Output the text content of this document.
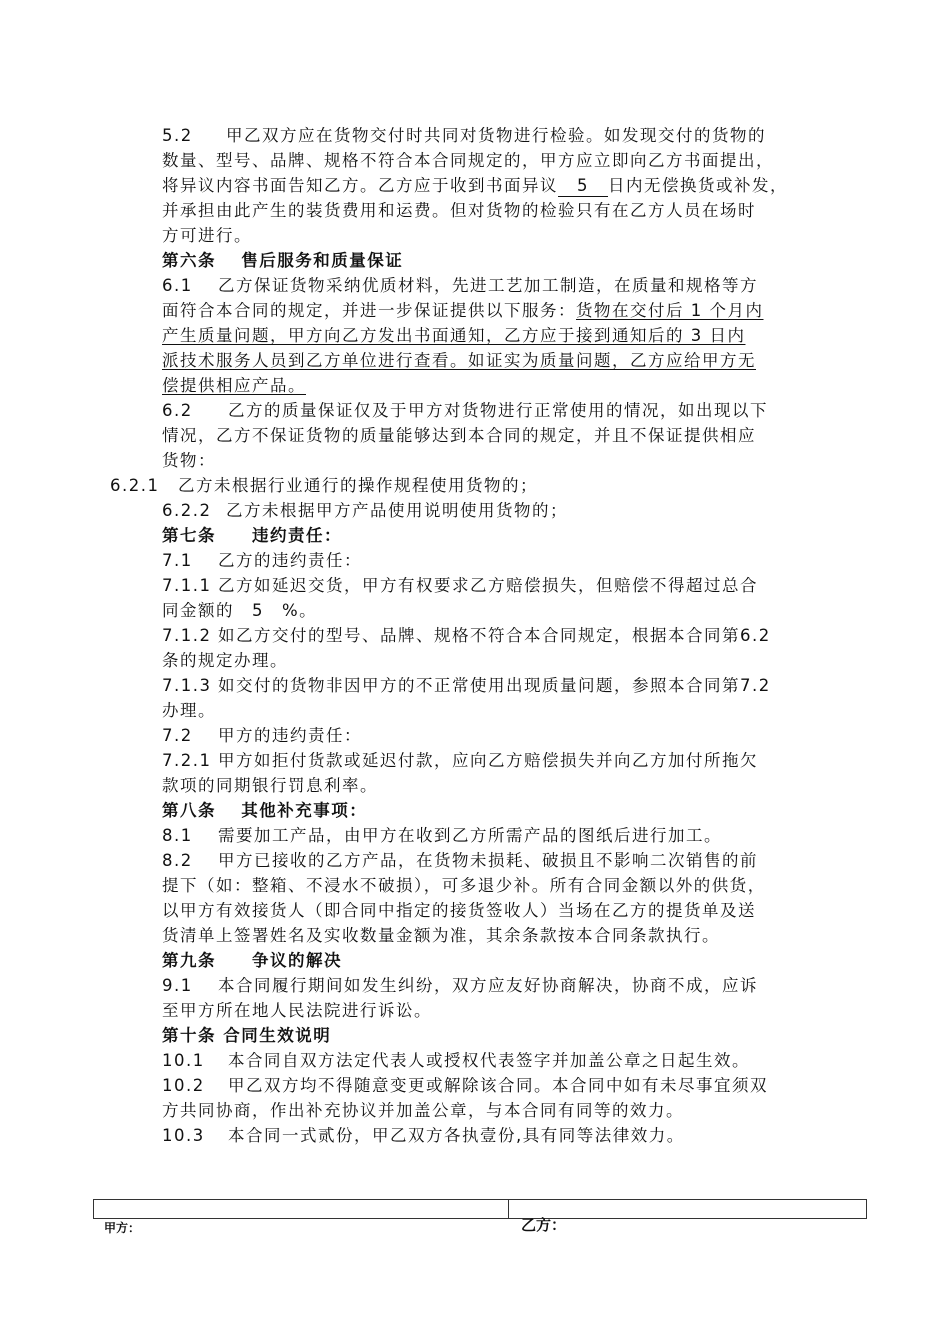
5.2 甲乙双方应在货物交付时共同对货物进行检验。如发现交付的货物的
数量、型号、品牌、规格不符合本合同规定的，甲方应立即向乙方书面提出，
将异议内容书面告知乙方。乙方应于收到书面异议 5 日内无偿换货或补发，
并承担由此产生的装货费用和运费。但对货物的检验只有在乙方人员在场时
方可进行。
第六条　 售后服务和质量保证
6.1 乙方保证货物采纳优质材料，先进工艺加工制造，在质量和规格等方
面符合本合同的规定，并进一步保证提供以下服务：货物在交付后 1 个月内
产生质量问题，甲方向乙方发出书面通知，乙方应于接到通知后的 3 日内
派技术服务人员到乙方单位进行查看。如证实为质量问题，乙方应给甲方无
偿提供相应产品。
6.2 乙方的质量保证仅及于甲方对货物进行正常使用的情况，如出现以下
情况，乙方不保证货物的质量能够达到本合同的规定，并且不保证提供相应
货物：
6.2.1 乙方未根据行业通行的操作规程使用货物的；
6.2.2 乙方未根据甲方产品使用说明使用货物的；
第七条　　违约责任：
7.1 乙方的违约责任：
7.1.1 乙方如延迟交货，甲方有权要求乙方赔偿损失，但赔偿不得超过总合
同金额的　5　%。
7.1.2 如乙方交付的型号、品牌、规格不符合本合同规定，根据本合同第6.2
条的规定办理。
7.1.3 如交付的货物非因甲方的不正常使用出现质量问题，参照本合同第7.2
办理。
7.2 甲方的违约责任：
7.2.1 甲方如拒付货款或延迟付款，应向乙方赔偿损失并向乙方加付所拖欠
款项的同期银行罚息利率。
第八条　 其他补充事项：
8.1 需要加工产品，由甲方在收到乙方所需产品的图纸后进行加工。
8.2 甲方已接收的乙方产品，在货物未损耗、破损且不影响二次销售的前
提下（如：整箱、不浸水不破损），可多退少补。所有合同金额以外的供货，
以甲方有效接货人（即合同中指定的接货签收人）当场在乙方的提货单及送
货清单上签署姓名及实收数量金额为准，其余条款按本合同条款执行。
第九条　　争议的解决
9.1 本合同履行期间如发生纠纷，双方应友好协商解决，协商不成，应诉
至甲方所在地人民法院进行诉讼。
第十条 合同生效说明
10.1 本合同自双方法定代表人或授权代表签字并加盖公章之日起生效。
10.2 甲乙双方均不得随意变更或解除该合同。本合同中如有未尽事宜须双
方共同协商，作出补充协议并加盖公章，与本合同有同等的效力。
10.3 本合同一式贰份，甲乙双方各执壹份,具有同等法律效力。
甲方：	乙方：
